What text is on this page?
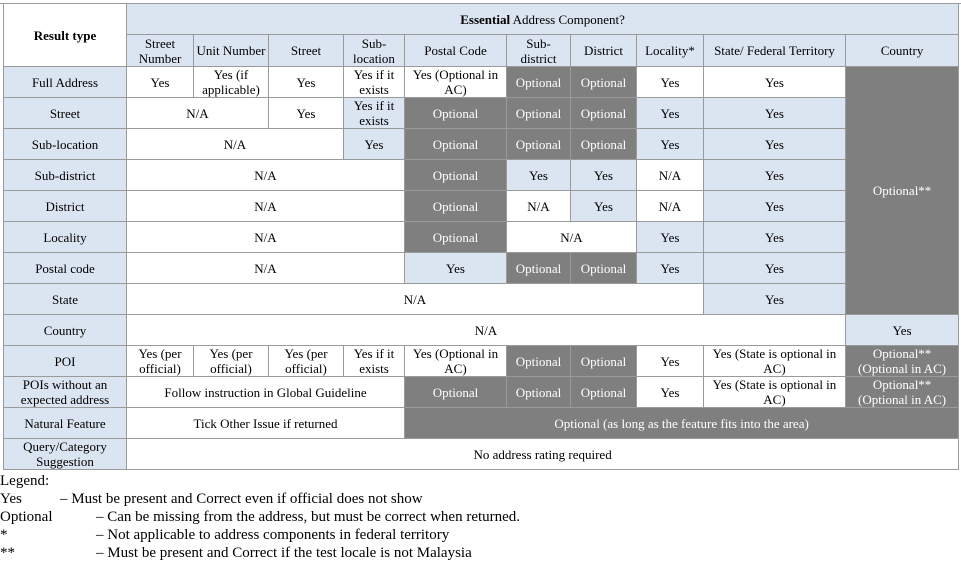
Result type	Essential Address Component?									
	Street Number	Unit Number	Street	Sub-location	Postal Code	Sub-district	District	Locality*	State/ Federal Territory	Country
Full Address	Yes	Yes (if applicable)	Yes	Yes if it exists	Yes (Optional in AC)	Optional	Optional	Yes	Yes	Optional**
Street	N/A		Yes	Yes if it exists	Optional	Optional	Optional	Yes	Yes	
Sub-location	N/A			Yes	Optional	Optional	Optional	Yes	Yes	
Sub-district	N/A				Optional	Yes	Yes	N/A	Yes	
District	N/A				Optional	N/A	Yes	N/A	Yes	
Locality	N/A				Optional	N/A		Yes	Yes	
Postal code	N/A				Yes	Optional	Optional	Yes	Yes	
State	N/A								Yes	
Country	N/A									Yes
POI	Yes (per official)	Yes (per official)	Yes (per official)	Yes if it exists	Yes (Optional in AC)	Optional	Optional	Yes	Yes (State is optional in AC)	Optional** (Optional in AC)
POIs without an expected address	Follow instruction in Global Guideline				Optional	Optional	Optional	Yes	Yes (State is optional in AC)	Optional** (Optional in AC)
Natural Feature	Tick Other Issue if returned				Optional (as long as the feature fits into the area)					
Query/Category Suggestion	No address rating required									
Legend:
Yes	– Must be present and Correct even if official does not show
Optional	– Can be missing from the address, but must be correct when returned.
*	– Not applicable to address components in federal territory
**	– Must be present and Correct if the test locale is not Malaysia
